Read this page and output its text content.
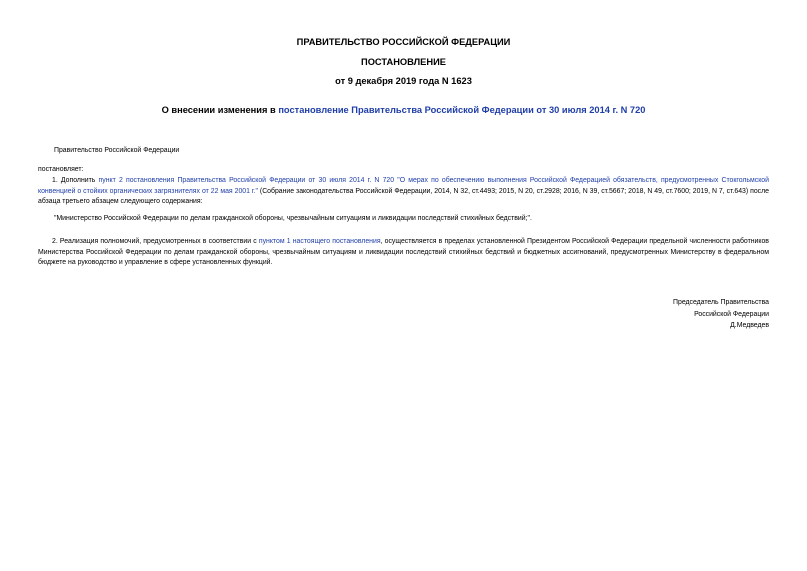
ПРАВИТЕЛЬСТВО РОССИЙСКОЙ ФЕДЕРАЦИИ
ПОСТАНОВЛЕНИЕ
от 9 декабря 2019 года N 1623
О внесении изменения в постановление Правительства Российской Федерации от 30 июля 2014 г. N 720
Правительство Российской Федерации
постановляет:
1. Дополнить пункт 2 постановления Правительства Российской Федерации от 30 июля 2014 г. N 720 "О мерах по обеспечению выполнения Российской Федерацией обязательств, предусмотренных Стокгольмской конвенцией о стойких органических загрязнителях от 22 мая 2001 г." (Собрание законодательства Российской Федерации, 2014, N 32, ст.4493; 2015, N 20, ст.2928; 2016, N 39, ст.5667; 2018, N 49, ст.7600; 2019, N 7, ст.643) после абзаца третьего абзацем следующего содержания:
"Министерство Российской Федерации по делам гражданской обороны, чрезвычайным ситуациям и ликвидации последствий стихийных бедствий;".
2. Реализация полномочий, предусмотренных в соответствии с пунктом 1 настоящего постановления, осуществляется в пределах установленной Президентом Российской Федерации предельной численности работников Министерства Российской Федерации по делам гражданской обороны, чрезвычайным ситуациям и ликвидации последствий стихийных бедствий и бюджетных ассигнований, предусмотренных Министерству в федеральном бюджете на руководство и управление в сфере установленных функций.
Председатель Правительства
Российской Федерации
Д.Медведев
